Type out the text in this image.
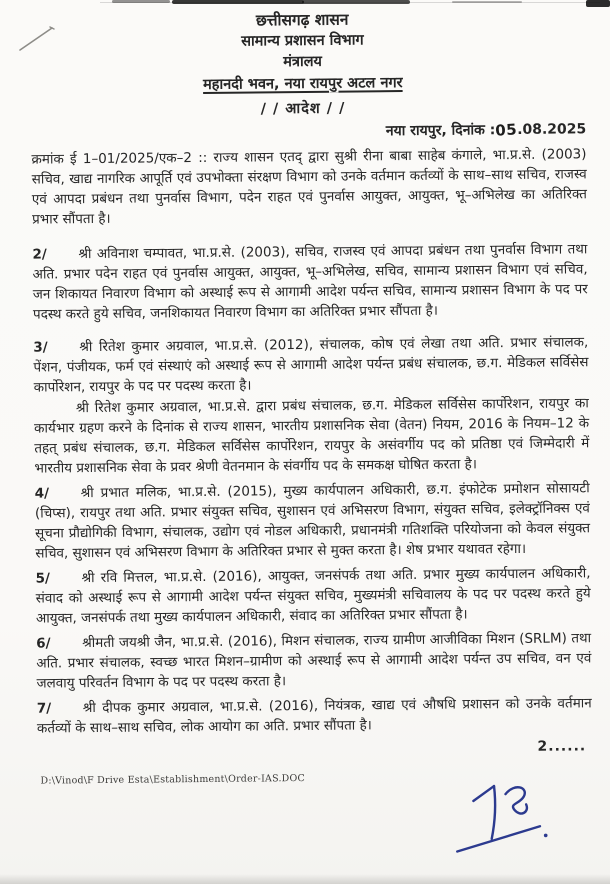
छत्तीसगढ़ शासन
सामान्य प्रशासन विभाग
मंत्रालय
महानदी भवन, नया रायपुर अटल नगर
/ / आदेश / /
नया रायपुर, दिनांक :05.08.2025

क्रमांक ई 1–01/2025/एक–2 :: राज्य शासन एतद् द्वारा सुश्री रीना बाबा साहेब कंगाले, भा.प्र.से. (2003) सचिव, खाद्य नागरिक आपूर्ति एवं उपभोक्ता संरक्षण विभाग को उनके वर्तमान कर्तव्यों के साथ–साथ सचिव, राजस्व एवं आपदा प्रबंधन तथा पुनर्वास विभाग, पदेन राहत एवं पुनर्वास आयुक्त, आयुक्त, भू–अभिलेख का अतिरिक्त प्रभार सौंपता है।

2/ श्री अविनाश चम्पावत, भा.प्र.से. (2003), सचिव, राजस्व एवं आपदा प्रबंधन तथा पुनर्वास विभाग तथा अति. प्रभार पदेन राहत एवं पुनर्वास आयुक्त, आयुक्त, भू–अभिलेख, सचिव, सामान्य प्रशासन विभाग एवं सचिव, जन शिकायत निवारण विभाग को अस्थाई रूप से आगामी आदेश पर्यन्त सचिव, सामान्य प्रशासन विभाग के पद पर पदस्थ करते हुये सचिव, जनशिकायत निवारण विभाग का अतिरिक्त प्रभार सौंपता है।

3/ श्री रितेश कुमार अग्रवाल, भा.प्र.से. (2012), संचालक, कोष एवं लेखा तथा अति. प्रभार संचालक, पेंशन, पंजीयक, फर्म एवं संस्थाएं को अस्थाई रूप से आगामी आदेश पर्यन्त प्रबंध संचालक, छ.ग. मेडिकल सर्विसेस कार्पोरेशन, रायपुर के पद पर पदस्थ करता है।

श्री रितेश कुमार अग्रवाल, भा.प्र.से. द्वारा प्रबंध संचालक, छ.ग. मेडिकल सर्विसेस कार्पोरेशन, रायपुर का कार्यभार ग्रहण करने के दिनांक से राज्य शासन, भारतीय प्रशासनिक सेवा (वेतन) नियम, 2016 के नियम–12 के तहत् प्रबंध संचालक, छ.ग. मेडिकल सर्विसेस कार्पोरेशन, रायपुर के असंवर्गीय पद को प्रतिष्ठा एवं जिम्मेदारी में भारतीय प्रशासनिक सेवा के प्रवर श्रेणी वेतनमान के संवर्गीय पद के समकक्ष घोषित करता है।

4/ श्री प्रभात मलिक, भा.प्र.से. (2015), मुख्य कार्यपालन अधिकारी, छ.ग. इंफोटेक प्रमोशन सोसायटी (चिप्स), रायपुर तथा अति. प्रभार संयुक्त सचिव, सुशासन एवं अभिसरण विभाग, संयुक्त सचिव, इलेक्ट्रॉनिक्स एवं सूचना प्रौद्योगिकी विभाग, संचालक, उद्योग एवं नोडल अधिकारी, प्रधानमंत्री गतिशक्ति परियोजना को केवल संयुक्त सचिव, सुशासन एवं अभिसरण विभाग के अतिरिक्त प्रभार से मुक्त करता है। शेष प्रभार यथावत रहेगा।

5/ श्री रवि मित्तल, भा.प्र.से. (2016), आयुक्त, जनसंपर्क तथा अति. प्रभार मुख्य कार्यपालन अधिकारी, संवाद को अस्थाई रूप से आगामी आदेश पर्यन्त संयुक्त सचिव, मुख्यमंत्री सचिवालय के पद पर पदस्थ करते हुये आयुक्त, जनसंपर्क तथा मुख्य कार्यपालन अधिकारी, संवाद का अतिरिक्त प्रभार सौंपता है।

6/ श्रीमती जयश्री जैन, भा.प्र.से. (2016), मिशन संचालक, राज्य ग्रामीण आजीविका मिशन (SRLM) तथा अति. प्रभार संचालक, स्वच्छ भारत मिशन–ग्रामीण को अस्थाई रूप से आगामी आदेश पर्यन्त उप सचिव, वन एवं जलवायु परिवर्तन विभाग के पद पर पदस्थ करता है।

7/ श्री दीपक कुमार अग्रवाल, भा.प्र.से. (2016), नियंत्रक, खाद्य एवं औषधि प्रशासन को उनके वर्तमान कर्तव्यों के साथ–साथ सचिव, लोक आयोग का अति. प्रभार सौंपता है।

2......
D:\Vinod\F Drive Esta\Establishment\Order-IAS.DOC
